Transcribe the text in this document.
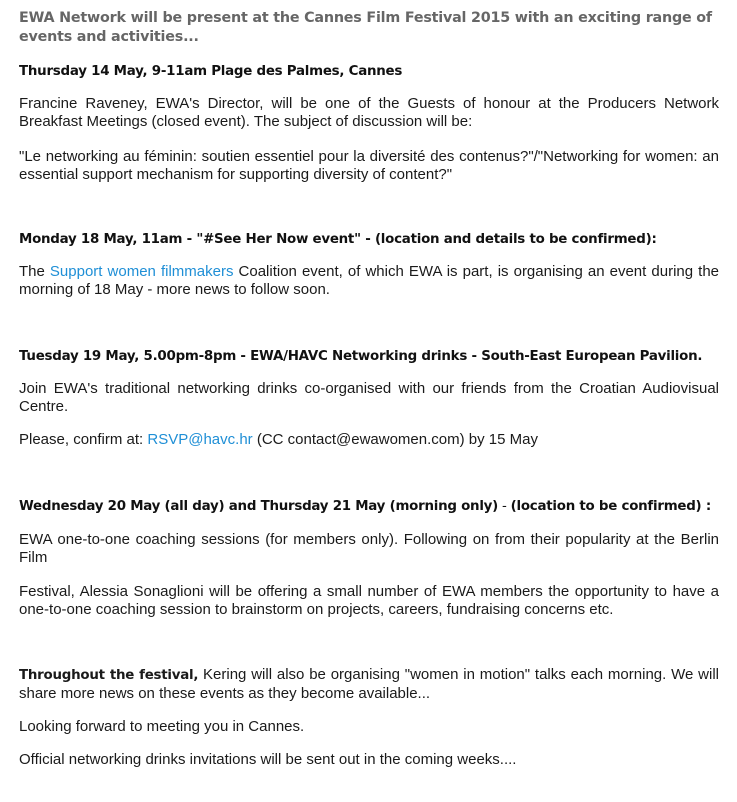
EWA Network will be present at the Cannes Film Festival 2015 with an exciting range of events and activities...
Thursday 14 May, 9-11am Plage des Palmes, Cannes
Francine Raveney, EWA's Director, will be one of the Guests of honour at the Producers Network Breakfast Meetings (closed event). The subject of discussion will be:
"Le networking au féminin: soutien essentiel pour la diversité des contenus?"/"Networking for women: an essential support mechanism for supporting diversity of content?"
Monday 18 May, 11am - "#See Her Now event" - (location and details to be confirmed):
The Support women filmmakers Coalition event, of which EWA is part, is organising an event during the morning of 18 May - more news to follow soon.
Tuesday 19 May, 5.00pm-8pm - EWA/HAVC Networking drinks - South-East European Pavilion.
Join EWA's traditional networking drinks co-organised with our friends from the Croatian Audiovisual Centre.
Please, confirm at: RSVP@havc.hr (CC contact@ewawomen.com) by 15 May
Wednesday 20 May (all day) and Thursday 21 May (morning only) - (location to be confirmed) :
EWA one-to-one coaching sessions (for members only). Following on from their popularity at the Berlin Film
Festival, Alessia Sonaglioni will be offering a small number of EWA members the opportunity to have a one-to-one coaching session to brainstorm on projects, careers, fundraising concerns etc.
Throughout the festival, Kering will also be organising "women in motion" talks each morning. We will share more news on these events as they become available...
Looking forward to meeting you in Cannes.
Official networking drinks invitations will be sent out in the coming weeks....
